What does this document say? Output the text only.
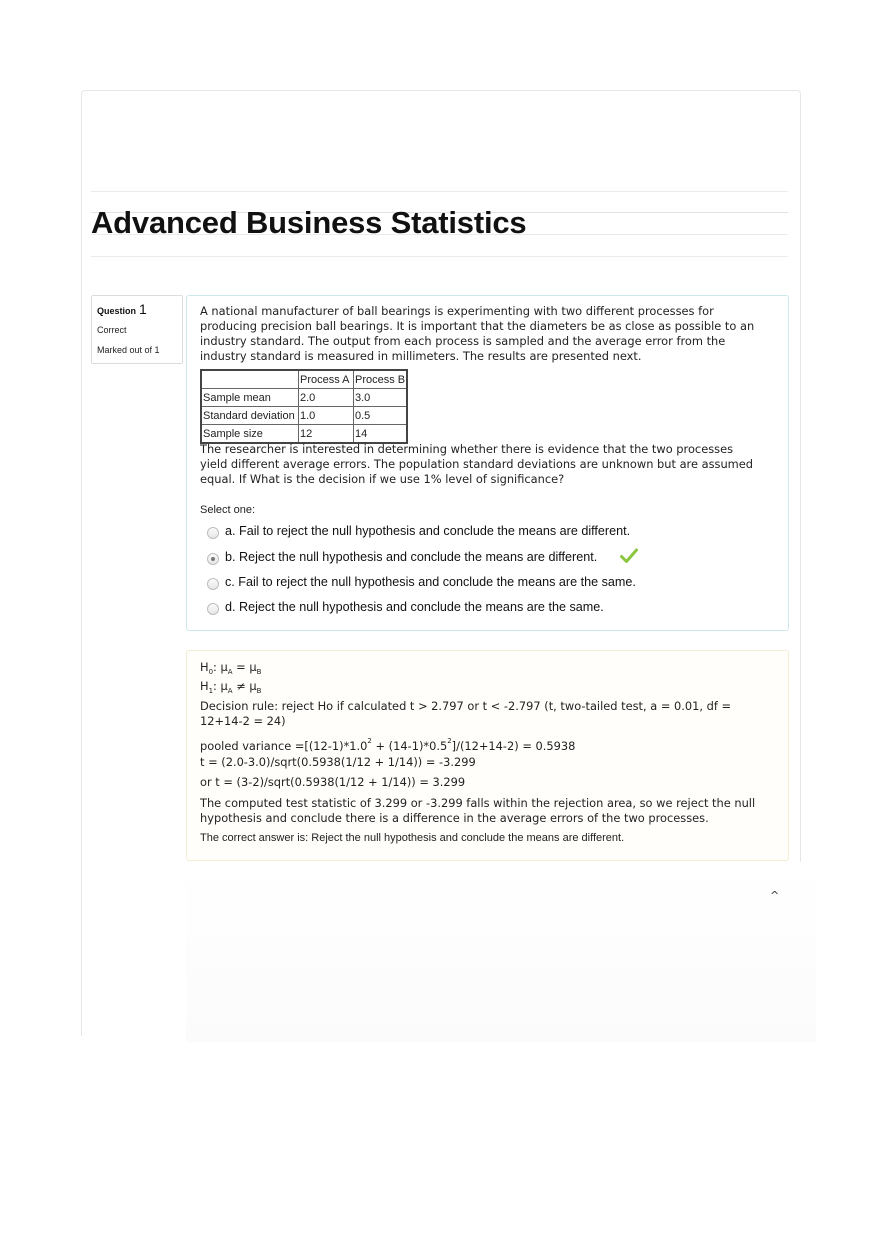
Advanced Business Statistics
Question 1
Correct
Marked out of 1

A national manufacturer of ball bearings is experimenting with two different processes for producing precision ball bearings. It is important that the diameters be as close as possible to an industry standard. The output from each process is sampled and the average error from the industry standard is measured in millimeters. The results are presented next.

	Process A	Process B
Sample mean	2.0	3.0
Standard deviation	1.0	0.5
Sample size	12	14

The researcher is interested in determining whether there is evidence that the two processes yield different average errors. The population standard deviations are unknown but are assumed equal. If What is the decision if we use 1% level of significance?

Select one:
a. Fail to reject the null hypothesis and conclude the means are different.
b. Reject the null hypothesis and conclude the means are different.
c. Fail to reject the null hypothesis and conclude the means are the same.
d. Reject the null hypothesis and conclude the means are the same.

$H_0$: $\mu_A = \mu_B$

$H_1$: $\mu_A \ne \mu_B$

Decision rule: reject Ho if calculated t > 2.797 or t < -2.797 (t, two-tailed test, a = 0.01, df = 12+14-2 = 24)

pooled variance $=[(12-1)*1.0^2 + (14-1)*0.5^2]/(12+14-2) = 0.5938$

t = (2.0-3.0)/sqrt(0.5938(1/12 + 1/14)) = -3.299

or t = (3-2)/sqrt(0.5938(1/12 + 1/14)) = 3.299

The computed test statistic of 3.299 or -3.299 falls within the rejection area, so we reject the null hypothesis and conclude there is a difference in the average errors of the two processes.

The correct answer is: Reject the null hypothesis and conclude the means are different.
^
